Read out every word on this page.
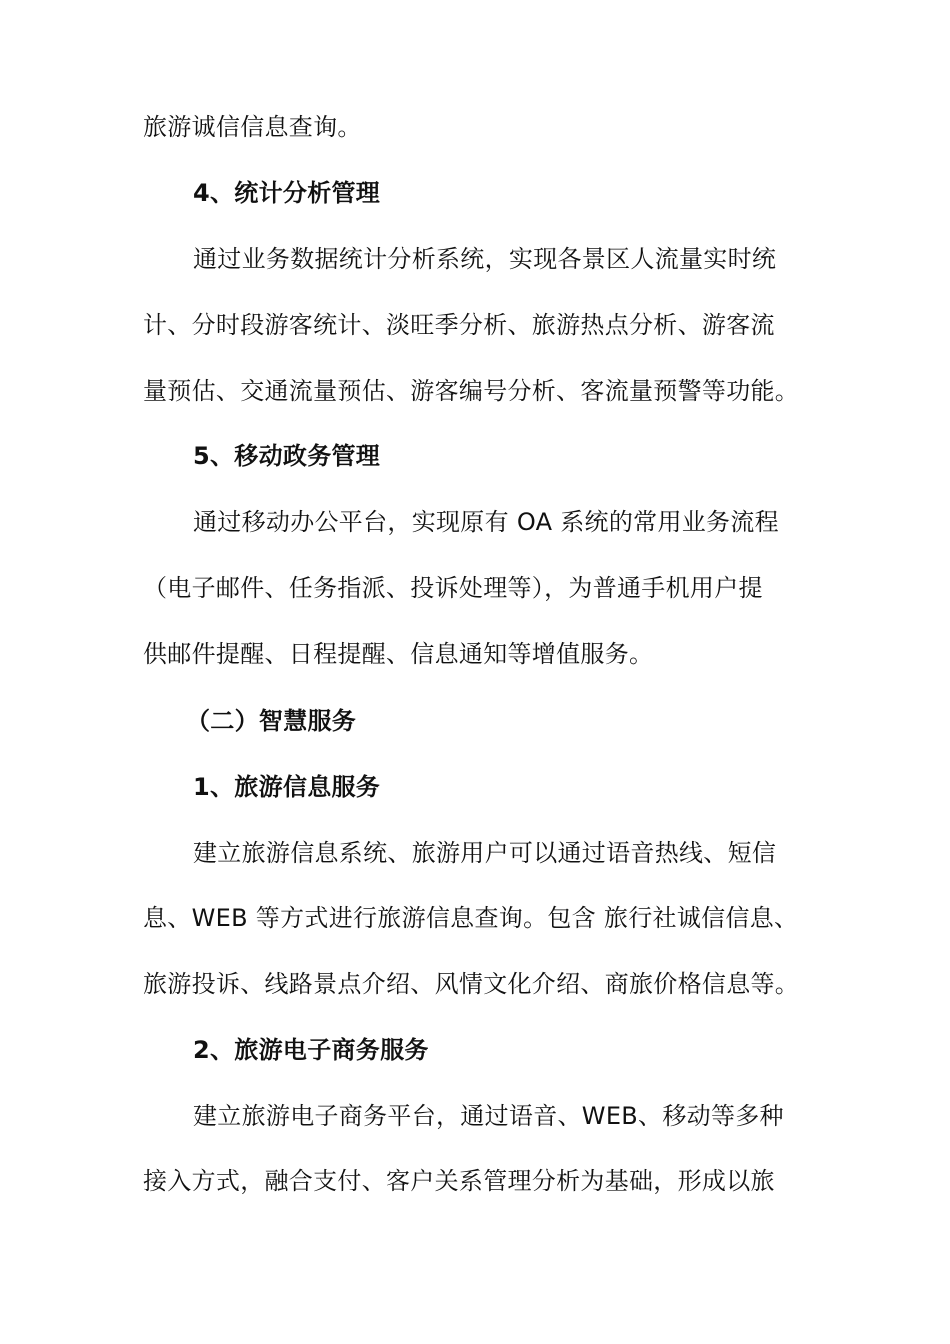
旅游诚信信息查询。
4、统计分析管理
通过业务数据统计分析系统，实现各景区人流量实时统
计、分时段游客统计、淡旺季分析、旅游热点分析、游客流
量预估、交通流量预估、游客编号分析、客流量预警等功能。
5、移动政务管理
通过移动办公平台，实现原有 OA 系统的常用业务流程
（电子邮件、任务指派、投诉处理等），为普通手机用户提
供邮件提醒、日程提醒、信息通知等增值服务。
（二）智慧服务
1、旅游信息服务
建立旅游信息系统、旅游用户可以通过语音热线、短信
息、WEB 等方式进行旅游信息查询。包含 旅行社诚信信息、
旅游投诉、线路景点介绍、风情文化介绍、商旅价格信息等。
2、旅游电子商务服务
建立旅游电子商务平台，通过语音、WEB、移动等多种
接入方式，融合支付、客户关系管理分析为基础，形成以旅
